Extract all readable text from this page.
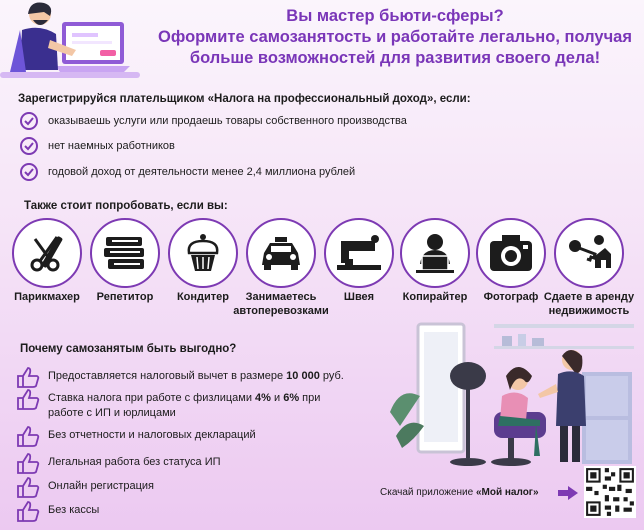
Вы мастер бьюти-сферы?
Оформите самозанятость и работайте легально, получая
больше возможностей для развития своего дела!
Зарегистрируйся плательщиком «Налога на профессиональный доход», если:
оказываешь услуги или продаешь товары собственного производства
нет наемных работников
годовой доход от деятельности менее 2,4 миллиона рублей
Также стоит попробовать, если вы:
Парикмахер	Репетитор	Кондитер	Занимаетесь
автоперевозками
Швея	Копирайтер	Фотограф Сдаете в аренду
недвижимость
Почему самозанятым быть выгодно?
Предоставляется налоговый вычет в размере 10 000 руб.
Ставка налога при работе с физлицами 4% и 6% при
работе с ИП и юрлицами
Без отчетности и налоговых деклараций
Легальная работа без статуса ИП
Онлайн регистрация
Без кассы
Скачай приложение «Мой налог»
